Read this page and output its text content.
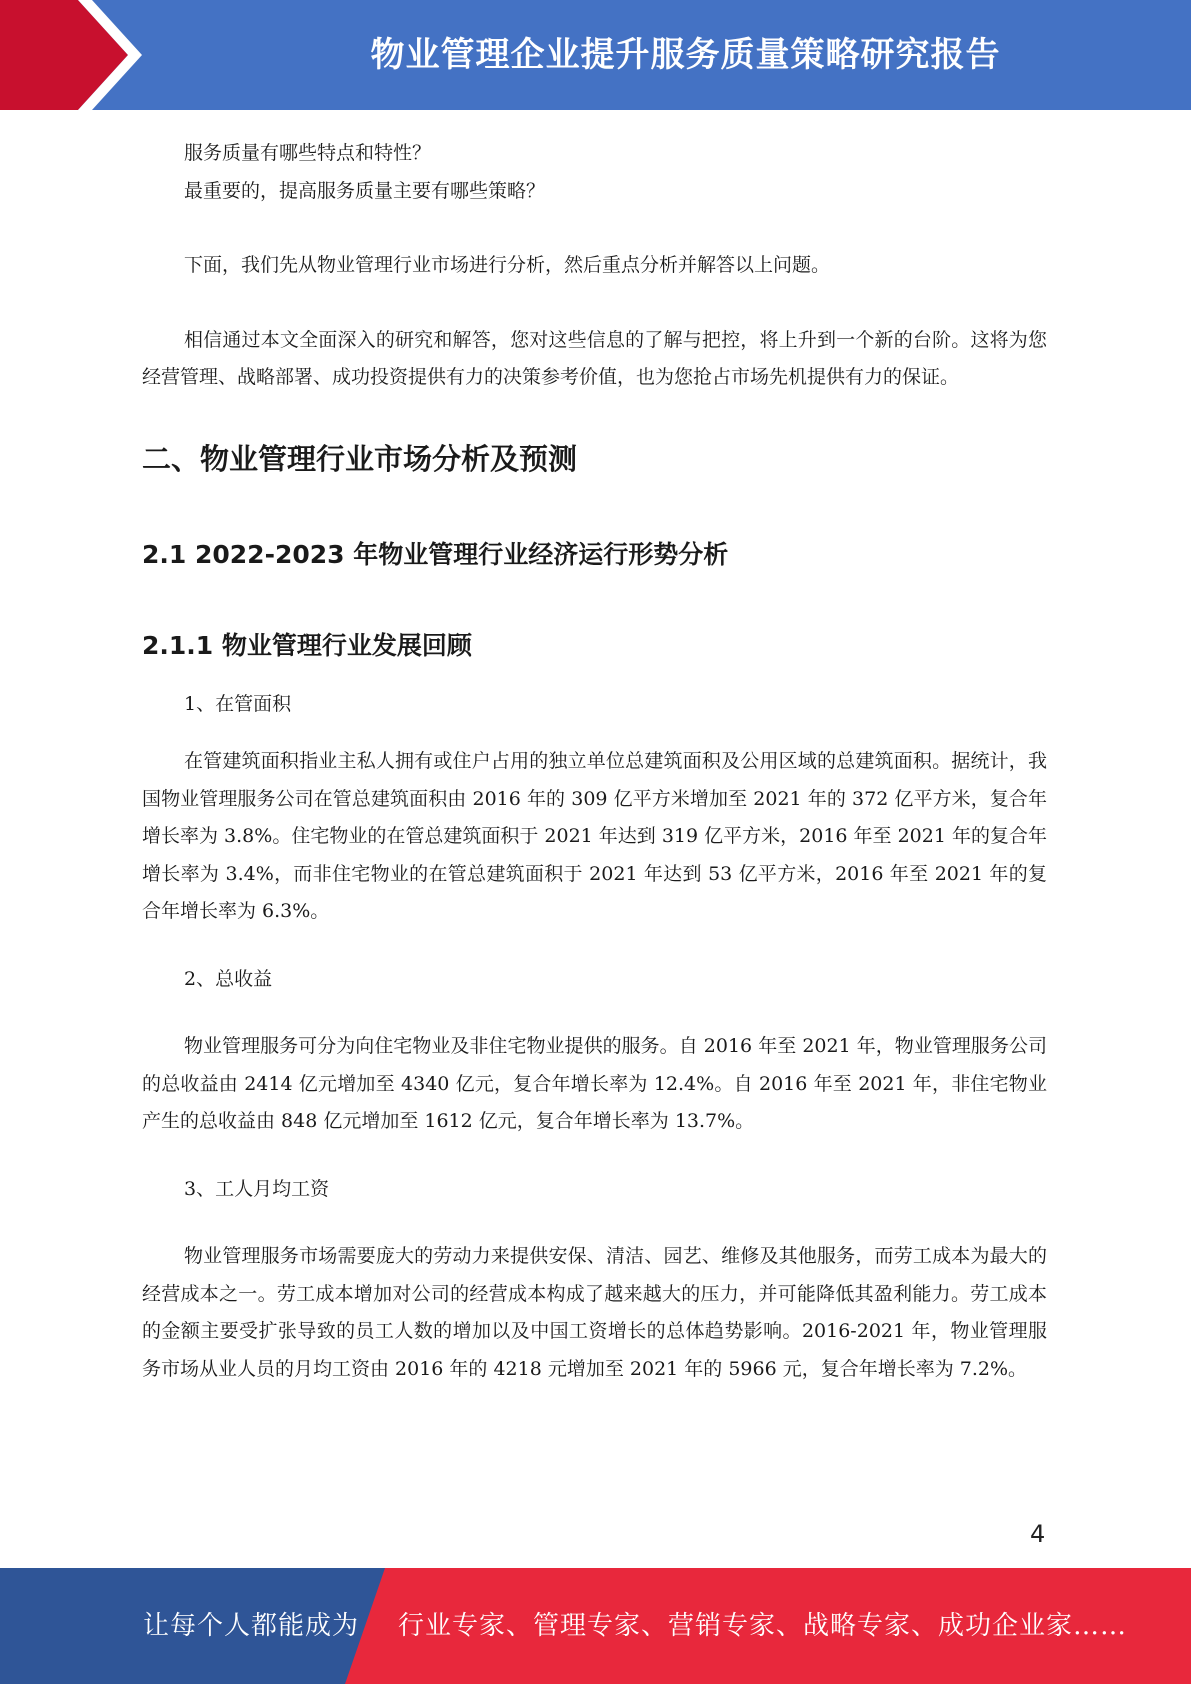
物业管理企业提升服务质量策略研究报告

服务质量有哪些特点和特性？

最重要的，提高服务质量主要有哪些策略？

下面，我们先从物业管理行业市场进行分析，然后重点分析并解答以上问题。

相信通过本文全面深入的研究和解答，您对这些信息的了解与把控，将上升到一个新的台阶。这将为您经营管理、战略部署、成功投资提供有力的决策参考价值，也为您抢占市场先机提供有力的保证。

二、物业管理行业市场分析及预测
2.1 2022-2023 年物业管理行业经济运行形势分析
2.1.1 物业管理行业发展回顾

1、在管面积

在管建筑面积指业主私人拥有或住户占用的独立单位总建筑面积及公用区域的总建筑面积。据统计，我国物业管理服务公司在管总建筑面积由 2016 年的 309 亿平方米增加至 2021 年的 372 亿平方米，复合年增长率为 3.8%。住宅物业的在管总建筑面积于 2021 年达到 319 亿平方米，2016 年至 2021 年的复合年增长率为 3.4%，而非住宅物业的在管总建筑面积于 2021 年达到 53 亿平方米，2016 年至 2021 年的复合年增长率为 6.3%。

2、总收益

物业管理服务可分为向住宅物业及非住宅物业提供的服务。自 2016 年至 2021 年，物业管理服务公司的总收益由 2414 亿元增加至 4340 亿元，复合年增长率为 12.4%。自 2016 年至 2021 年，非住宅物业产生的总收益由 848 亿元增加至 1612 亿元，复合年增长率为 13.7%。

3、工人月均工资

物业管理服务市场需要庞大的劳动力来提供安保、清洁、园艺、维修及其他服务，而劳工成本为最大的经营成本之一。劳工成本增加对公司的经营成本构成了越来越大的压力，并可能降低其盈利能力。劳工成本的金额主要受扩张导致的员工人数的增加以及中国工资增长的总体趋势影响。2016-2021 年，物业管理服务市场从业人员的月均工资由 2016 年的 4218 元增加至 2021 年的 5966 元，复合年增长率为 7.2%。

4
让每个人都能成为 行业专家、管理专家、营销专家、战略专家、成功企业家……
